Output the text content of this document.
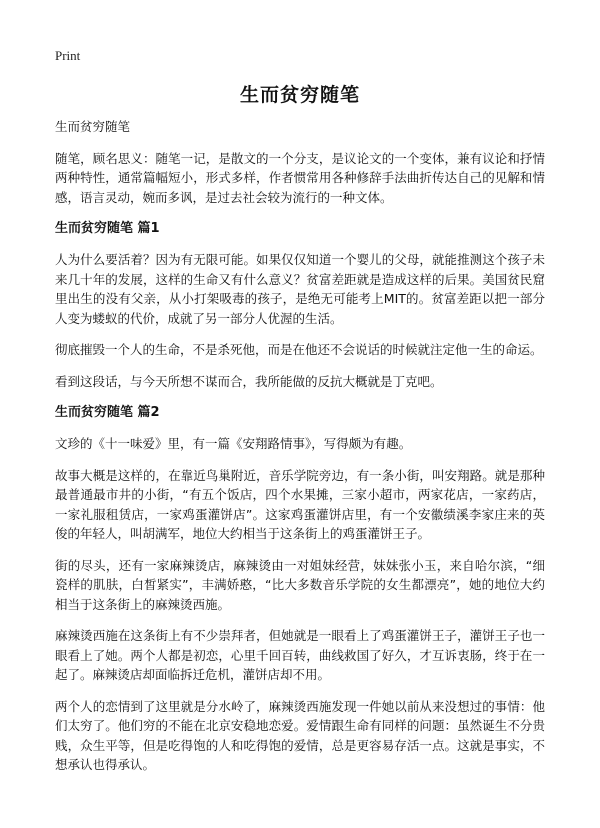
Print
生而贫穷随笔

生而贫穷随笔

随笔，顾名思义：随笔一记，是散文的一个分支，是议论文的一个变体，兼有议论和抒情两种特性，通常篇幅短小，形式多样，作者惯常用各种修辞手法曲折传达自己的见解和情感，语言灵动，婉而多讽，是过去社会较为流行的一种文体。

生而贫穷随笔 篇1

人为什么要活着？因为有无限可能。如果仅仅知道一个婴儿的父母，就能推测这个孩子未来几十年的发展，这样的生命又有什么意义？贫富差距就是造成这样的后果。美国贫民窟里出生的没有父亲，从小打架吸毒的孩子，是绝无可能考上MIT的。贫富差距以把一部分人变为蝼蚁的代价，成就了另一部分人优渥的生活。

彻底摧毁一个人的生命，不是杀死他，而是在他还不会说话的时候就注定他一生的命运。

看到这段话，与今天所想不谋而合，我所能做的反抗大概就是丁克吧。

生而贫穷随笔 篇2

文珍的《十一味爱》里，有一篇《安翔路情事》，写得颇为有趣。

故事大概是这样的，在靠近鸟巢附近，音乐学院旁边，有一条小街，叫安翔路。就是那种最普通最市井的小街，“有五个饭店，四个水果摊，三家小超市，两家花店，一家药店，一家礼服租赁店，一家鸡蛋灌饼店”。这家鸡蛋灌饼店里，有一个安徽绩溪李家庄来的英俊的年轻人，叫胡满军，地位大约相当于这条街上的鸡蛋灌饼王子。

街的尽头，还有一家麻辣烫店，麻辣烫由一对姐妹经营，妹妹张小玉，来自哈尔滨，“细瓷样的肌肤，白皙紧实”，丰满娇憨，“比大多数音乐学院的女生都漂亮”，她的地位大约相当于这条街上的麻辣烫西施。

麻辣烫西施在这条街上有不少崇拜者，但她就是一眼看上了鸡蛋灌饼王子，灌饼王子也一眼看上了她。两个人都是初恋，心里千回百转，曲线救国了好久，才互诉衷肠，终于在一起了。麻辣烫店却面临拆迁危机，灌饼店却不用。

两个人的恋情到了这里就是分水岭了，麻辣烫西施发现一件她以前从来没想过的事情：他们太穷了。他们穷的不能在北京安稳地恋爱。爱情跟生命有同样的问题：虽然诞生不分贵贱，众生平等，但是吃得饱的人和吃得饱的爱情，总是更容易存活一点。这就是事实，不想承认也得承认。
